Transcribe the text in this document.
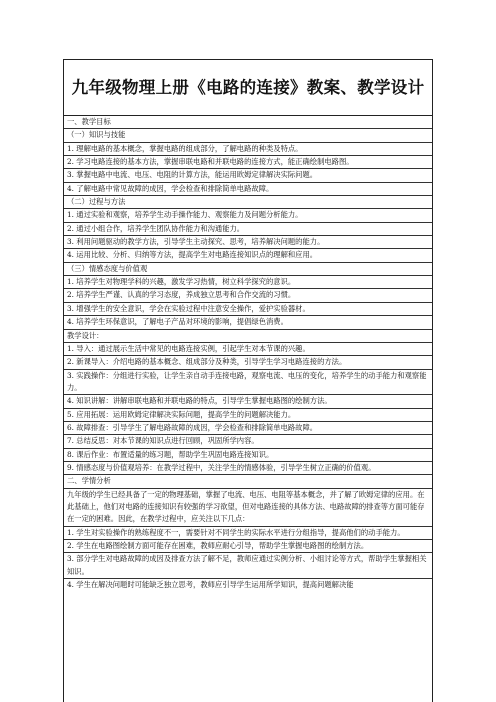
九年级物理上册《电路的连接》教案、教学设计
一、教学目标
（一）知识与技能
1. 理解电路的基本概念，掌握电路的组成部分，了解电路的种类及特点。
2. 学习电路连接的基本方法，掌握串联电路和并联电路的连接方式，能正确绘制电路图。
3. 掌握电路中电流、电压、电阻的计算方法，能运用欧姆定律解决实际问题。
4. 了解电路中常见故障的成因，学会检查和排除简单电路故障。
（二）过程与方法
1. 通过实验和观察，培养学生动手操作能力、观察能力及问题分析能力。
2. 通过小组合作，培养学生团队协作能力和沟通能力。
3. 利用问题驱动的教学方法，引导学生主动探究、思考，培养解决问题的能力。
4. 运用比较、分析、归纳等方法，提高学生对电路连接知识点的理解和应用。
（三）情感态度与价值观
1. 培养学生对物理学科的兴趣，激发学习热情，树立科学探究的意识。
2. 培养学生严谨、认真的学习态度，养成独立思考和合作交流的习惯。
3. 增强学生的安全意识，学会在实验过程中注意安全操作，爱护实验器材。
4. 培养学生环保意识，了解电子产品对环境的影响，提倡绿色消费。
教学设计：
1. 导入：通过展示生活中常见的电路连接实例，引起学生对本节课的兴趣。
2. 新课导入：介绍电路的基本概念、组成部分及种类，引导学生学习电路连接的方法。
3. 实践操作：分组进行实验，让学生亲自动手连接电路，观察电流、电压的变化，培养学生的动手能力和观察能力。
4. 知识讲解：讲解串联电路和并联电路的特点，引导学生掌握电路图的绘制方法。
5. 应用拓展：运用欧姆定律解决实际问题，提高学生的问题解决能力。
6. 故障排查：引导学生了解电路故障的成因，学会检查和排除简单电路故障。
7. 总结反思：对本节课的知识点进行回顾，巩固所学内容。
8. 课后作业：布置适量的练习题，帮助学生巩固电路连接知识。
9. 情感态度与价值观培养：在教学过程中，关注学生的情感体验，引导学生树立正确的价值观。
二、学情分析
九年级的学生已经具备了一定的物理基础，掌握了电流、电压、电阻等基本概念，并了解了欧姆定律的应用。在此基础上，他们对电路的连接知识有较强的学习欲望，但对电路连接的具体方法、电路故障的排查等方面可能存在一定的困难。因此，在教学过程中，应关注以下几点：
1. 学生对实验操作的熟练程度不一，需要针对不同学生的实际水平进行分组指导，提高他们的动手能力。
2. 学生在电路图绘制方面可能存在困难，教师应耐心引导，帮助学生掌握电路图的绘制方法。
3. 部分学生对电路故障的成因及排查方法了解不足，教师应通过实例分析、小组讨论等方式，帮助学生掌握相关知识。
4. 学生在解决问题时可能缺乏独立思考，教师应引导学生运用所学知识，提高问题解决能
